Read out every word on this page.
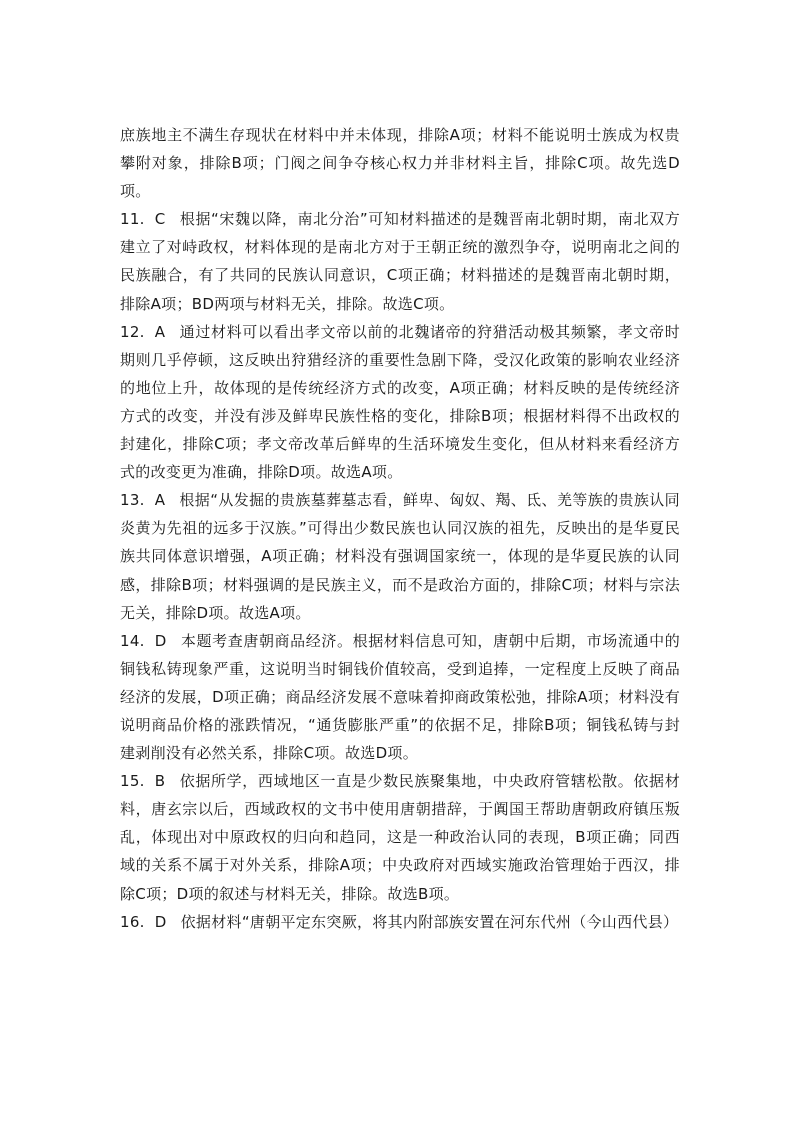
庶族地主不满生存现状在材料中并未体现，排除A项；材料不能说明士族成为权贵攀附对象，排除B项；门阀之间争夺核心权力并非材料主旨，排除C项。故先选D项。

11. C 根据“宋魏以降，南北分治”可知材料描述的是魏晋南北朝时期，南北双方建立了对峙政权，材料体现的是南北方对于王朝正统的激烈争夺，说明南北之间的民族融合，有了共同的民族认同意识，C项正确；材料描述的是魏晋南北朝时期，排除A项；BD两项与材料无关，排除。故选C项。

12. A 通过材料可以看出孝文帝以前的北魏诸帝的狩猎活动极其频繁，孝文帝时期则几乎停顿，这反映出狩猎经济的重要性急剧下降，受汉化政策的影响农业经济的地位上升，故体现的是传统经济方式的改变，A项正确；材料反映的是传统经济方式的改变，并没有涉及鲜卑民族性格的变化，排除B项；根据材料得不出政权的封建化，排除C项；孝文帝改革后鲜卑的生活环境发生变化，但从材料来看经济方式的改变更为准确，排除D项。故选A项。

13. A 根据“从发掘的贵族墓葬墓志看，鲜卑、匈奴、羯、氐、羌等族的贵族认同炎黄为先祖的远多于汉族。”可得出少数民族也认同汉族的祖先，反映出的是华夏民族共同体意识增强，A项正确；材料没有强调国家统一，体现的是华夏民族的认同感，排除B项；材料强调的是民族主义，而不是政治方面的，排除C项；材料与宗法无关，排除D项。故选A项。

14. D 本题考查唐朝商品经济。根据材料信息可知，唐朝中后期，市场流通中的铜钱私铸现象严重，这说明当时铜钱价值较高，受到追捧，一定程度上反映了商品经济的发展，D项正确；商品经济发展不意味着抑商政策松弛，排除A项；材料没有说明商品价格的涨跌情况，“通货膨胀严重”的依据不足，排除B项；铜钱私铸与封建剥削没有必然关系，排除C项。故选D项。

15. B 依据所学，西域地区一直是少数民族聚集地，中央政府管辖松散。依据材料，唐玄宗以后，西域政权的文书中使用唐朝措辞，于阗国王帮助唐朝政府镇压叛乱，体现出对中原政权的归向和趋同，这是一种政治认同的表现，B项正确；同西域的关系不属于对外关系，排除A项；中央政府对西域实施政治管理始于西汉，排除C项；D项的叙述与材料无关，排除。故选B项。

16. D 依据材料“唐朝平定东突厥，将其内附部族安置在河东代州（今山西代县）
